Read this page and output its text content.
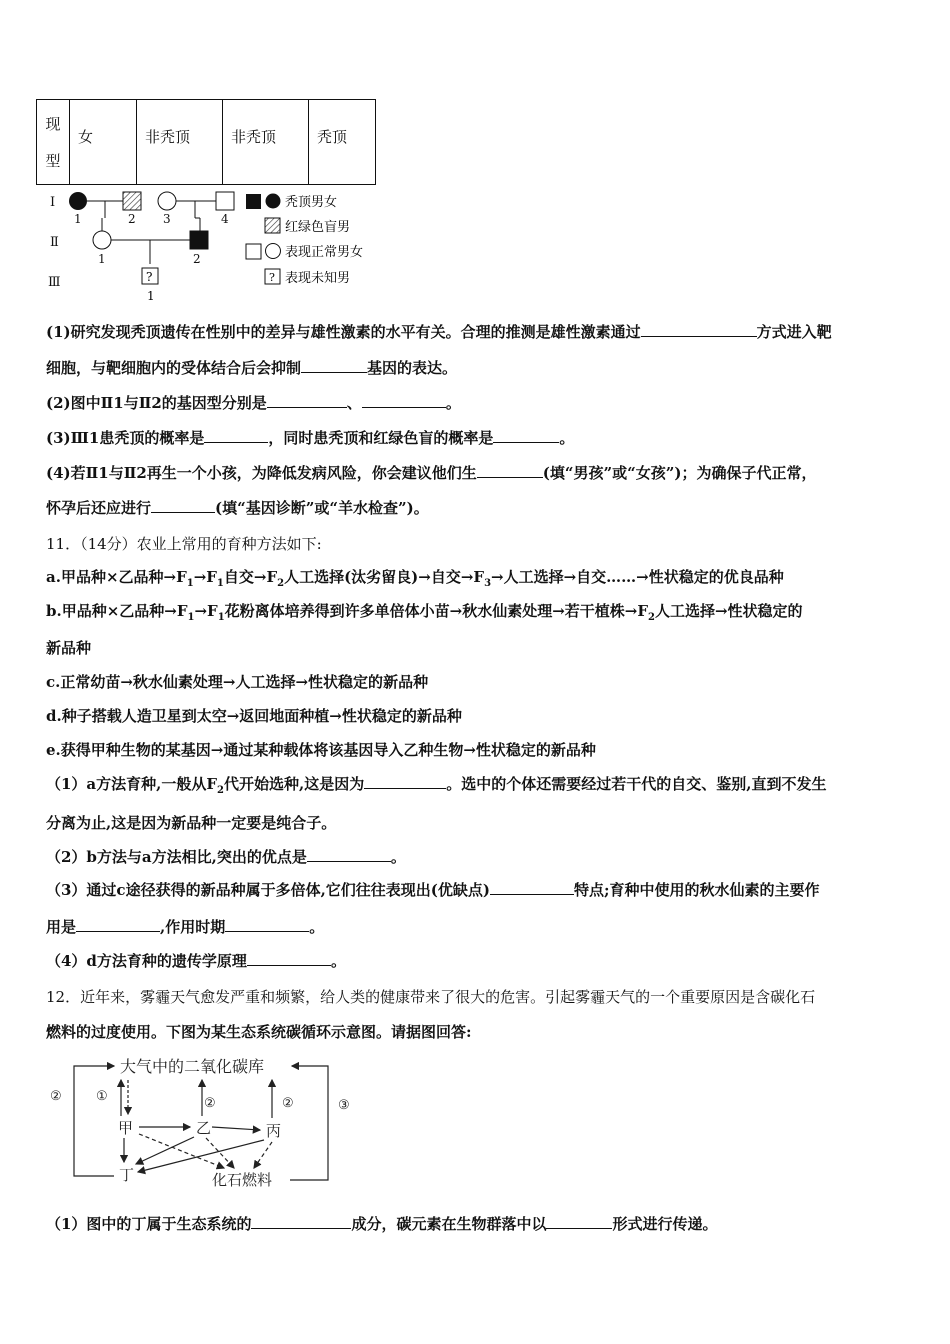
现
型

女	非秃顶	非秃顶	秃顶
Ⅰ
Ⅱ
Ⅲ
1	2 3	4
1	2
?
1
秃顶男女
红绿色盲男
表现正常男女
? 表现未知男
(1)研究发现秃顶遗传在性别中的差异与雄性激素的水平有关。合理的推测是雄性激素通过	方式进入靶
细胞，与靶细胞内的受体结合后会抑制	基因的表达。
(2)图中Ⅱ1与Ⅱ2的基因型分别是	、	。
(3)Ⅲ1患秃顶的概率是	，同时患秃顶和红绿色盲的概率是	。
(4)若Ⅱ1与Ⅱ2再生一个小孩，为降低发病风险，你会建议他们生	(填“男孩”或“女孩”)；为确保子代正常，
怀孕后还应进行	(填“基因诊断”或“羊水检查”)。
11．（14分）农业上常用的育种方法如下:
a.甲品种×乙品种$\to F_1\to F_1$自交$\to F_2$人工选择(汰劣留良)→自交$\to F_3\to$人工选择→自交……→性状稳定的优良品种
b.甲品种×乙品种$\to F_1\to F_1$花粉离体培养得到许多单倍体小苗→秋水仙素处理→若干植株$\to F_2$人工选择→性状稳定的
新品种
c.正常幼苗→秋水仙素处理→人工选择→性状稳定的新品种
d.种子搭载人造卫星到太空→返回地面种植→性状稳定的新品种
e.获得甲种生物的某基因→通过某种载体将该基因导入乙种生物→性状稳定的新品种
（1）a方法育种,一般从$F_2$代开始选种,这是因为	。选中的个体还需要经过若干代的自交、鉴别,直到不发生
分离为止,这是因为新品种一定要是纯合子。
（2）b方法与a方法相比,突出的优点是	。
（3）通过c途径获得的新品种属于多倍体,它们往往表现出(优缺点)	特点;育种中使用的秋水仙素的主要作
用是	,作用时期	。
（4）d方法育种的遗传学原理	。
12．近年来，雾霾天气愈发严重和频繁，给人类的健康带来了很大的危害。引起雾霾天气的一个重要原因是含碳化石
燃料的过度使用。下图为某生态系统碳循环示意图。请据图回答:
大气中的二氧化碳库
甲	乙	丙
丁	化石燃料
②	①	②	②	③
（1）图中的丁属于生态系统的	成分，碳元素在生物群落中以	形式进行传递。
